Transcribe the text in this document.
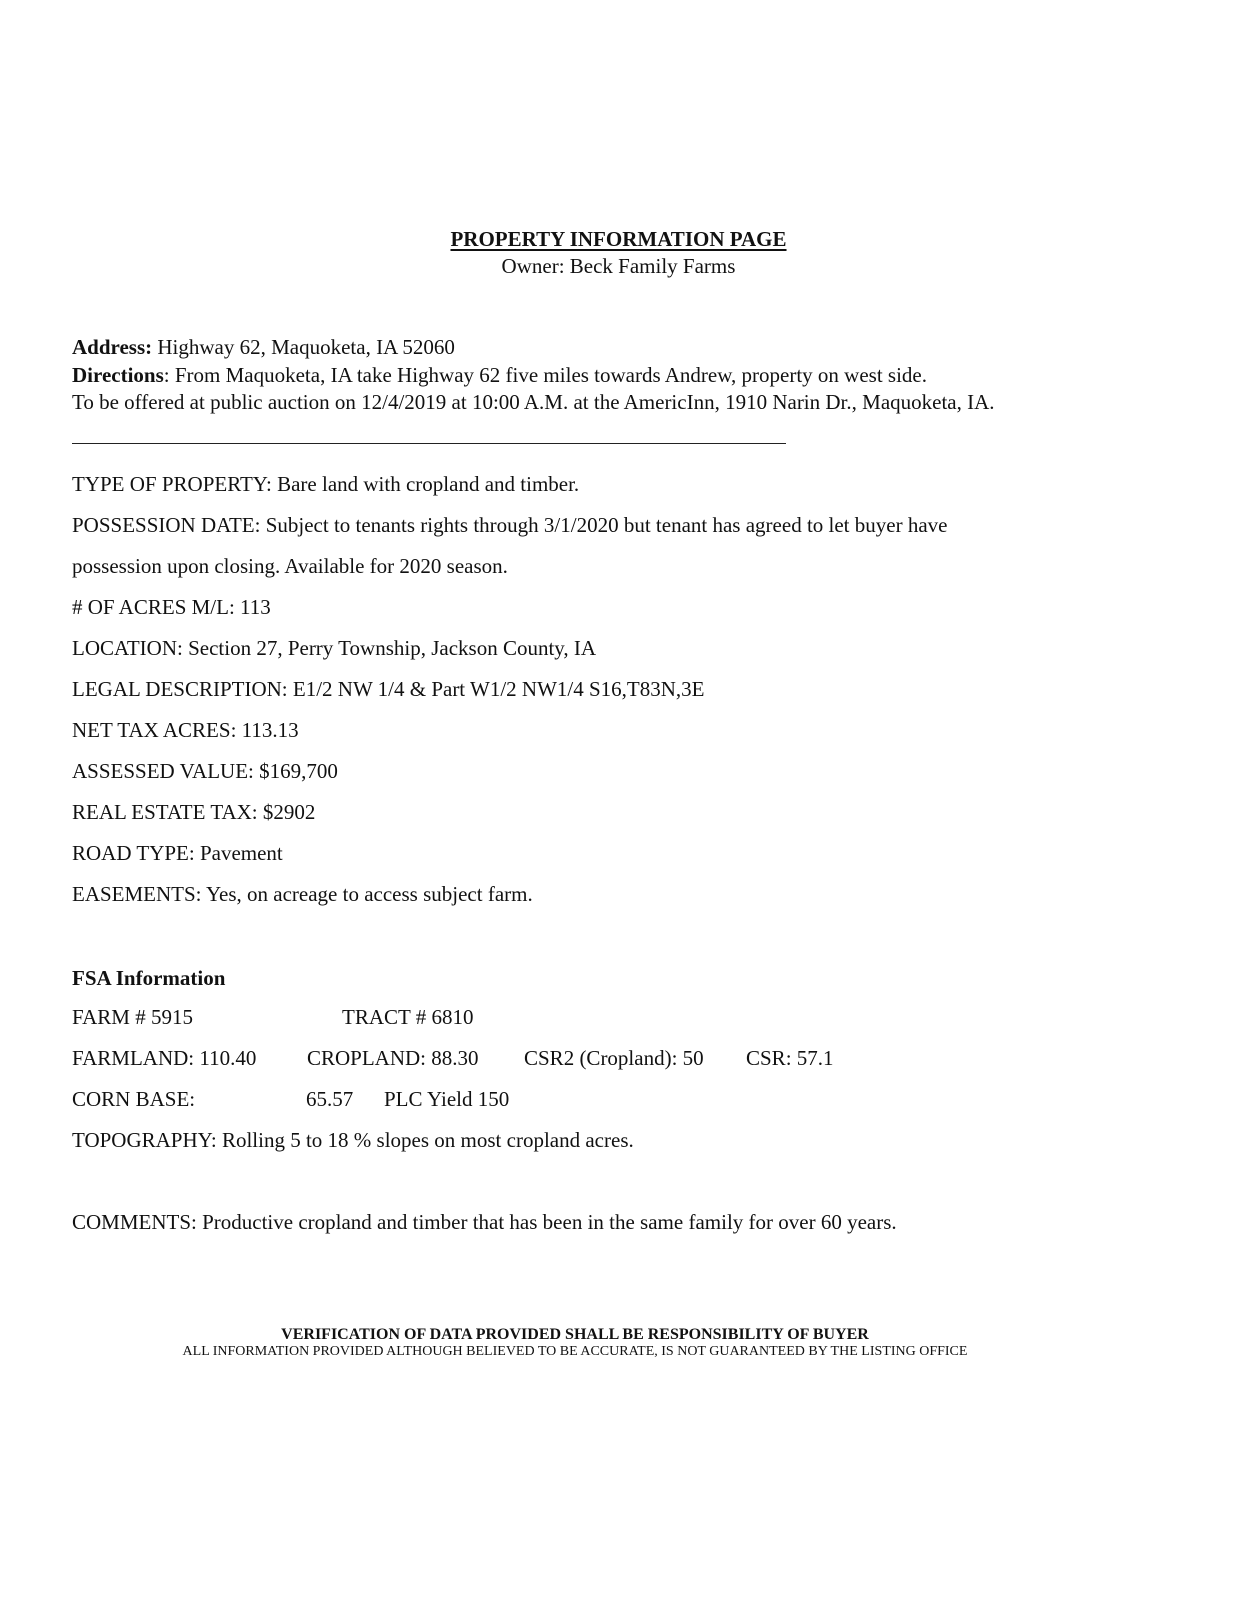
PROPERTY INFORMATION PAGE
Owner: Beck Family Farms
Address: Highway 62, Maquoketa, IA 52060
Directions: From Maquoketa, IA take Highway 62 five miles towards Andrew, property on west side.
To be offered at public auction on 12/4/2019 at 10:00 A.M. at the AmericInn, 1910 Narin Dr., Maquoketa, IA.
TYPE OF PROPERTY: Bare land with cropland and timber.
POSSESSION DATE: Subject to tenants rights through 3/1/2020 but tenant has agreed to let buyer have
possession upon closing. Available for 2020 season.
# OF ACRES M/L: 113
LOCATION: Section 27, Perry Township, Jackson County, IA
LEGAL DESCRIPTION: E1/2 NW 1/4 & Part W1/2 NW1/4 S16,T83N,3E
NET TAX ACRES: 113.13
ASSESSED VALUE: $169,700
REAL ESTATE TAX: $2902
ROAD TYPE: Pavement
EASEMENTS: Yes, on acreage to access subject farm.
FSA Information
FARM # 5915	TRACT # 6810
FARMLAND: 110.40 CROPLAND: 88.30 CSR2 (Cropland): 50 CSR: 57.1
CORN BASE:	65.57 PLC Yield 150
TOPOGRAPHY: Rolling 5 to 18 % slopes on most cropland acres.
COMMENTS: Productive cropland and timber that has been in the same family for over 60 years.
VERIFICATION OF DATA PROVIDED SHALL BE RESPONSIBILITY OF BUYER
ALL INFORMATION PROVIDED ALTHOUGH BELIEVED TO BE ACCURATE, IS NOT GUARANTEED BY THE LISTING OFFICE
